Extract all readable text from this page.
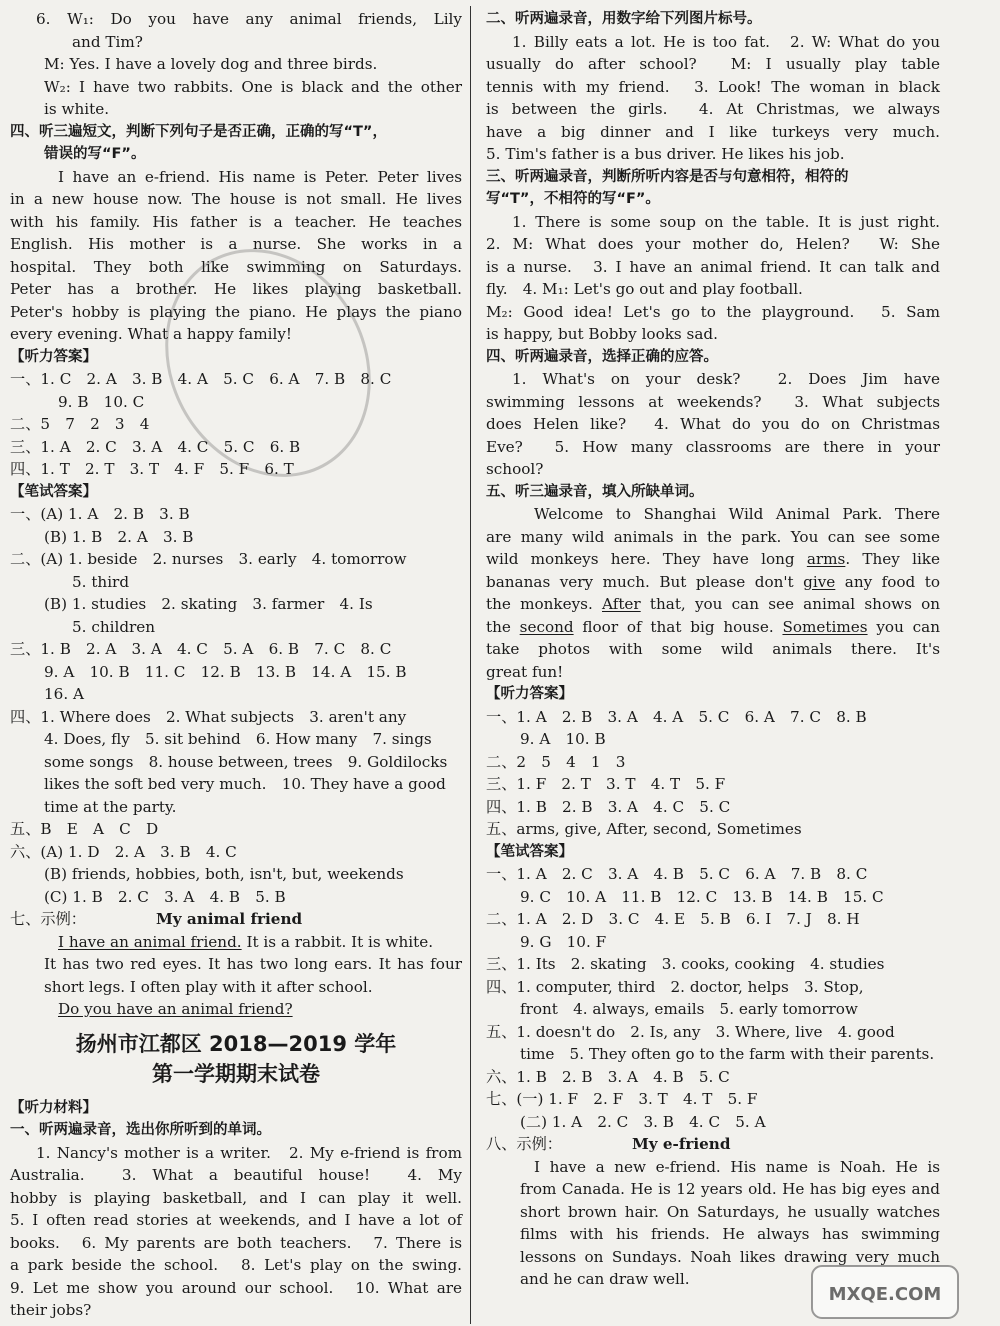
6. W₁: Do you have any animal friends, Lily
and Tim?
M: Yes. I have a lovely dog and three birds.
W₂: I have two rabbits. One is black and the other
is white.
四、听三遍短文，判断下列句子是否正确，正确的写“T”，
错误的写“F”。
I have an e-friend. His name is Peter. Peter lives
in a new house now. The house is not small. He lives
with his family. His father is a teacher. He teaches
English. His mother is a nurse. She works in a
hospital. They both like swimming on Saturdays.
Peter has a brother. He likes playing basketball.
Peter's hobby is playing the piano. He plays the piano
every evening. What a happy family!
【听力答案】
一、1. C　2. A　3. B　4. A　5. C　6. A　7. B　8. C
9. B　10. C
二、5　7　2　3　4
三、1. A　2. C　3. A　4. C　5. C　6. B
四、1. T　2. T　3. T　4. F　5. F　6. T
【笔试答案】
一、(A) 1. A　2. B　3. B
(B) 1. B　2. A　3. B
二、(A) 1. beside　2. nurses　3. early　4. tomorrow
5. third
(B) 1. studies　2. skating　3. farmer　4. Is
5. children
三、1. B　2. A　3. A　4. C　5. A　6. B　7. C　8. C
9. A　10. B　11. C　12. B　13. B　14. A　15. B
16. A
四、1. Where does　2. What subjects　3. aren't any
4. Does, fly　5. sit behind　6. How many　7. sings
some songs　8. house between, trees　9. Goldilocks
likes the soft bed very much.　10. They have a good
time at the party.
五、B　E　A　C　D
六、(A) 1. D　2. A　3. B　4. C
(B) friends, hobbies, both, isn't, but, weekends
(C) 1. B　2. C　3. A　4. B　5. B
七、示例：	My animal friend
I have an animal friend. It is a rabbit. It is white.
It has two red eyes. It has two long ears. It has four
short legs. I often play with it after school.
Do you have an animal friend?
扬州市江都区 2018—2019 学年
第一学期期末试卷
【听力材料】
一、听两遍录音，选出你所听到的单词。
1. Nancy's mother is a writer.　2. My e-friend is from
Australia.　3. What a beautiful house!　4. My
hobby is playing basketball, and I can play it well.
5. I often read stories at weekends, and I have a lot of
books.　6. My parents are both teachers.　7. There is
a park beside the school.　8. Let's play on the swing.
9. Let me show you around our school.　10. What are
their jobs?
二、听两遍录音，用数字给下列图片标号。
1. Billy eats a lot. He is too fat.　2. W: What do you
usually do after school?　M: I usually play table
tennis with my friend.　3. Look! The woman in black
is between the girls.　4. At Christmas, we always
have a big dinner and I like turkeys very much.
5. Tim's father is a bus driver. He likes his job.
三、听两遍录音，判断所听内容是否与句意相符，相符的
写“T”，不相符的写“F”。
1. There is some soup on the table. It is just right.
2. M: What does your mother do, Helen?　W: She
is a nurse.　3. I have an animal friend. It can talk and
fly.　4. M₁: Let's go out and play football.
M₂: Good idea! Let's go to the playground.　5. Sam
is happy, but Bobby looks sad.
四、听两遍录音，选择正确的应答。
1. What's on your desk?　2. Does Jim have
swimming lessons at weekends?　3. What subjects
does Helen like?　4. What do you do on Christmas
Eve?　5. How many classrooms are there in your
school?
五、听三遍录音，填入所缺单词。
Welcome to Shanghai Wild Animal Park. There
are many wild animals in the park. You can see some
wild monkeys here. They have long arms. They like
bananas very much. But please don't give any food to
the monkeys. After that, you can see animal shows on
the second floor of that big house. Sometimes you can
take photos with some wild animals there. It's
great fun!
【听力答案】
一、1. A　2. B　3. A　4. A　5. C　6. A　7. C　8. B
9. A　10. B
二、2　5　4　1　3
三、1. F　2. T　3. T　4. T　5. F
四、1. B　2. B　3. A　4. C　5. C
五、arms, give, After, second, Sometimes
【笔试答案】
一、1. A　2. C　3. A　4. B　5. C　6. A　7. B　8. C
9. C　10. A　11. B　12. C　13. B　14. B　15. C
二、1. A　2. D　3. C　4. E　5. B　6. I　7. J　8. H
9. G　10. F
三、1. Its　2. skating　3. cooks, cooking　4. studies
四、1. computer, third　2. doctor, helps　3. Stop,
front　4. always, emails　5. early tomorrow
五、1. doesn't do　2. Is, any　3. Where, live　4. good
time　5. They often go to the farm with their parents.
六、1. B　2. B　3. A　4. B　5. C
七、(一) 1. F　2. F　3. T　4. T　5. F
(二) 1. A　2. C　3. B　4. C　5. A
八、示例：	My e-friend
I have a new e-friend. His name is Noah. He is
from Canada. He is 12 years old. He has big eyes and
short brown hair. On Saturdays, he usually watches
films with his friends. He always has swimming
lessons on Sundays. Noah likes drawing very much
and he can draw well.
MXQE.COM
